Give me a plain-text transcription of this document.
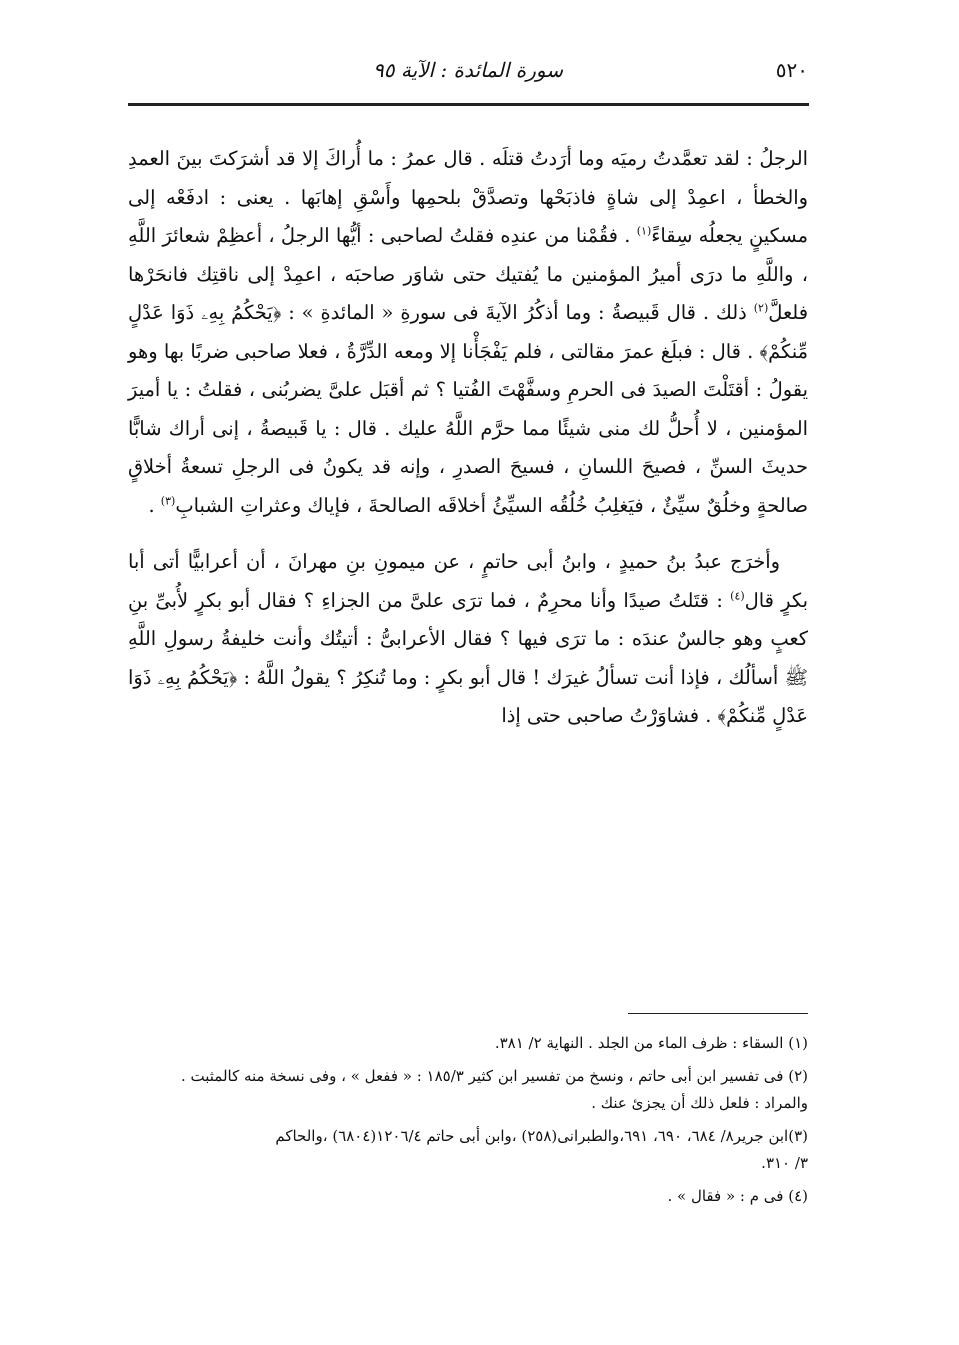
٥٢٠
سورة المائدة : الآية ٩٥

الرجلُ : لقد تعمَّدتُ رميَه وما أرَدتُ قتلَه . قال عمرُ : ما أُراكَ إلا قد أشرَكتَ بينَ العمدِ والخطأ ، اعمِدْ إلى شاةٍ فاذبَحْها وتصدَّقْ بلحمِها وأَسْقِ إهابَها . يعنى : ادفَعْه إلى مسكينٍ يجعلُه سِقاءً$^{(١)}$ . فقُمْنا من عندِه فقلتُ لصاحبى : أيُّها الرجلُ ، أعظِمْ شعائرَ اللَّهِ ، واللَّهِ ما درَى أميرُ المؤمنين ما يُفتيك حتى شاوَر صاحبَه ، اعمِدْ إلى ناقتِك فانحَرْها فلعلَّ$^{(٢)}$ ذلك . قال قَبيصةُ : وما أذكُرُ الآيةَ فى سورةِ « المائدةِ » : ﴿يَحْكُمُ بِهِۦ ذَوَا عَدْلٍ مِّنكُمْ﴾ . قال : فبلَغ عمرَ مقالتى ، فلم يَفْجَأْنا إلا ومعه الدِّرَّةُ ، فعلا صاحبى ضربًا بها وهو يقولُ : أقتَلْتَ الصيدَ فى الحرمِ وسفَّهْتَ الفُتيا ؟ ثم أقبَل علىَّ يضربُنى ، فقلتُ : يا أميرَ المؤمنين ، لا أُحلُّ لك منى شيئًا مما حرَّم اللَّهُ عليك . قال : يا قَبيصةُ ، إنى أراك شابًّا حديثَ السنِّ ، فصيحَ اللسانِ ، فسيحَ الصدرِ ، وإنه قد يكونُ فى الرجلِ تسعةُ أخلاقٍ صالحةٍ وخلُقٌ سيِّئٌ ، فيَغلِبُ خُلُقُه السيِّئُ أخلاقَه الصالحةَ ، فإياك وعثراتِ الشبابِ$^{(٣)}$ .

وأخرَج عبدُ بنُ حميدٍ ، وابنُ أبى حاتمٍ ، عن ميمونِ بنِ مهرانَ ، أن أعرابيًّا أتى أبا بكرٍ قال$^{(٤)}$ : قتَلتُ صيدًا وأنا محرِمٌ ، فما ترَى علىَّ من الجزاءِ ؟ فقال أبو بكرٍ لأُبىِّ بنِ كعبٍ وهو جالسٌ عندَه : ما ترَى فيها ؟ فقال الأعرابىُّ : أتيتُك وأنت خليفةُ رسولِ اللَّهِ ﷺ أسألُك ، فإذا أنت تسألُ غيرَك ! قال أبو بكرٍ : وما تُنكِرُ ؟ يقولُ اللَّهُ : ﴿يَحْكُمُ بِهِۦ ذَوَا عَدْلٍ مِّنكُمْ﴾ . فشاوَرْتُ صاحبى حتى إذا

(١) السقاء : ظرف الماء من الجلد . النهاية ٢/ ٣٨١.
(٢) فى تفسير ابن أبى حاتم ، ونسخ من تفسير ابن كثير ١٨٥/٣ : « ففعل » ، وفى نسخة منه كالمثبت .
والمراد : فلعل ذلك أن يجزئ عنك .
(٣)ابن جرير٨/ ٦٨٤، ٦٩٠، ٦٩١،والطبرانى(٢٥٨) ،وابن أبى حاتم ١٢٠٦/٤(٦٨٠٤) ،والحاكم
٣/ ٣١٠.
(٤) فى م : « فقال » .
